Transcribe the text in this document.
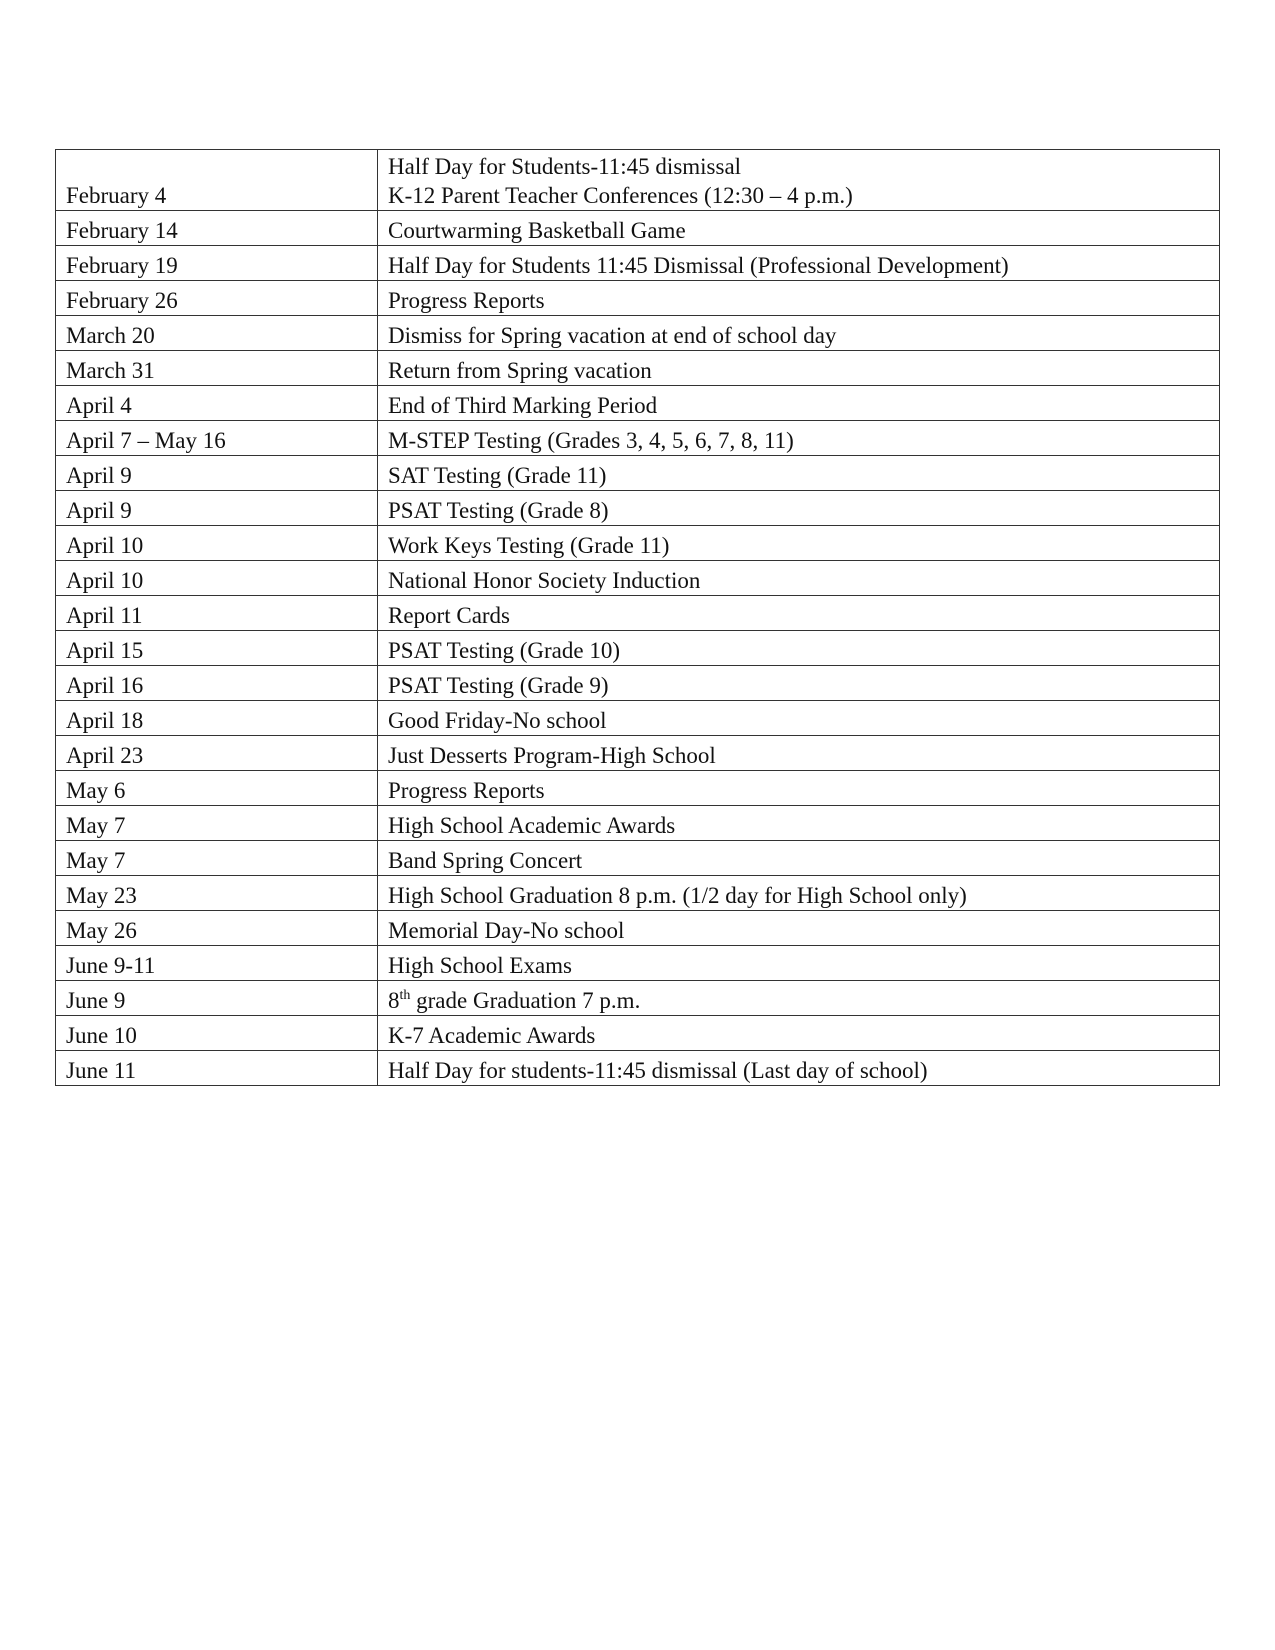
February 4	Half Day for Students-11:45 dismissal
K-12 Parent Teacher Conferences (12:30 – 4 p.m.)

February 14	Courtwarming Basketball Game
February 19	Half Day for Students 11:45 Dismissal (Professional Development)
February 26	Progress Reports
March 20	Dismiss for Spring vacation at end of school day
March 31	Return from Spring vacation
April 4	End of Third Marking Period
April 7 – May 16	M-STEP Testing (Grades 3, 4, 5, 6, 7, 8, 11)
April 9	SAT Testing (Grade 11)
April 9	PSAT Testing (Grade 8)
April 10	Work Keys Testing (Grade 11)
April 10	National Honor Society Induction
April 11	Report Cards
April 15	PSAT Testing (Grade 10)
April 16	PSAT Testing (Grade 9)
April 18	Good Friday-No school
April 23	Just Desserts Program-High School
May 6	Progress Reports
May 7	High School Academic Awards
May 7	Band Spring Concert
May 23	High School Graduation 8 p.m. (1/2 day for High School only)
May 26	Memorial Day-No school
June 9-11	High School Exams
June 9	8th grade Graduation 7 p.m.
June 10	K-7 Academic Awards
June 11	Half Day for students-11:45 dismissal (Last day of school)
